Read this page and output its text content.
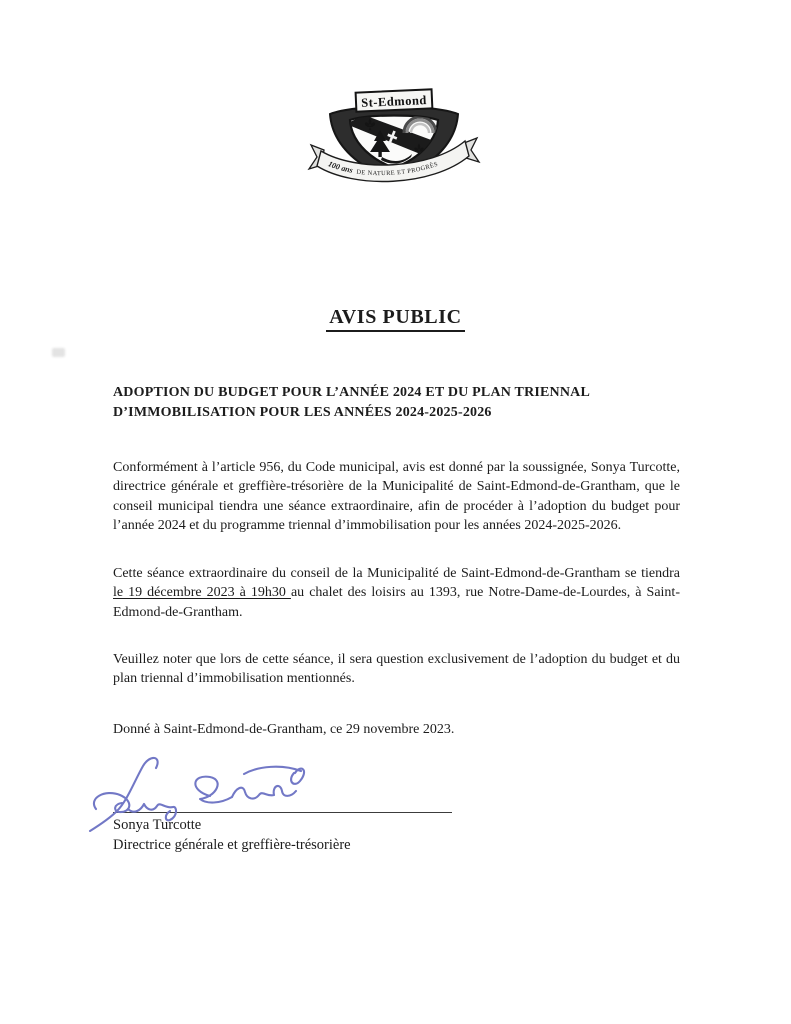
100 ans DE NATURE ET PROGRÈS
St-Edmond
AVIS PUBLIC
ADOPTION DU BUDGET POUR L’ANNÉE 2024 ET DU PLAN TRIENNAL
D’IMMOBILISATION POUR LES ANNÉES 2024-2025-2026
Conformément à l’article 956, du Code municipal, avis est donné par la soussignée, Sonya Turcotte, directrice générale et greffière-trésorière de la Municipalité de Saint-Edmond-de-Grantham, que le conseil municipal tiendra une séance extraordinaire, afin de procéder à l’adoption du budget pour l’année 2024 et du programme triennal d’immobilisation pour les années 2024-2025-2026.
Cette séance extraordinaire du conseil de la Municipalité de Saint-Edmond-de-Grantham se tiendra le 19 décembre 2023 à 19h30 au chalet des loisirs au 1393, rue Notre-Dame-de-Lourdes, à Saint-Edmond-de-Grantham.
Veuillez noter que lors de cette séance, il sera question exclusivement de l’adoption du budget et du plan triennal d’immobilisation mentionnés.
Donné à Saint-Edmond-de-Grantham, ce 29 novembre 2023.
Sonya Turcotte
Directrice générale et greffière-trésorière
